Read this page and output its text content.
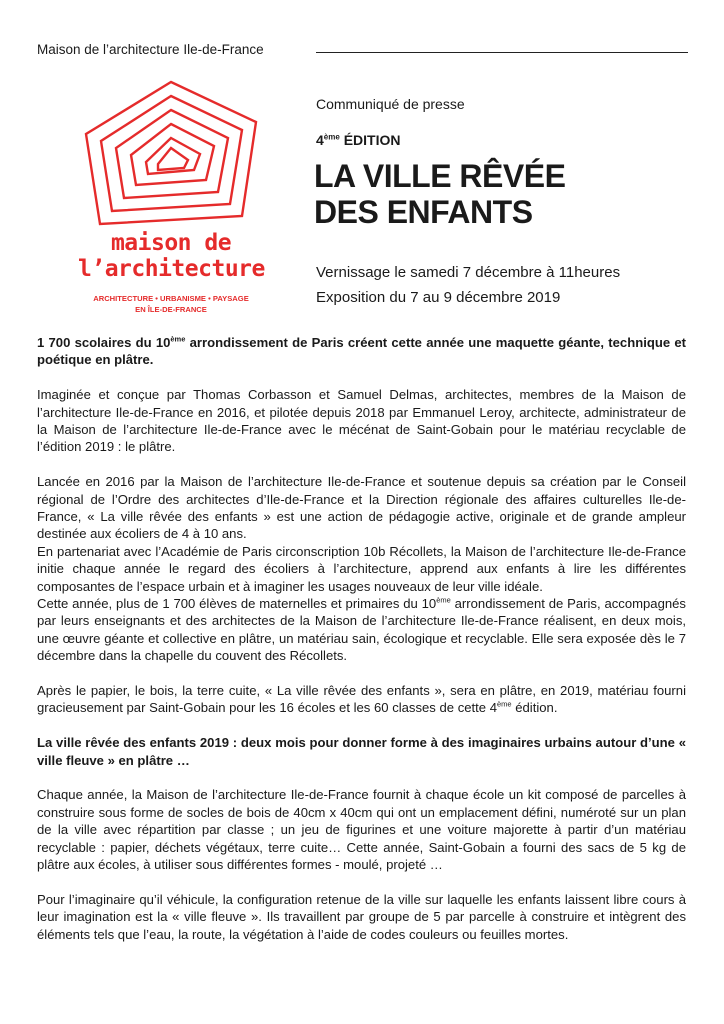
Maison de l’architecture Ile-de-France
maison de
l’architecture
ARCHITECTURE • URBANISME • PAYSAGE
EN ÎLE-DE-FRANCE
Communiqué de presse
4ème ÉDITION
LA VILLE RÊVÉE
DES ENFANTS
Vernissage le samedi 7 décembre à 11heures
Exposition du 7 au 9 décembre 2019

1 700 scolaires du 10ème arrondissement de Paris créent cette année une maquette géante, technique et poétique en plâtre.

Imaginée et conçue par Thomas Corbasson et Samuel Delmas, architectes, membres de la Maison de l’architecture Ile-de-France en 2016, et pilotée depuis 2018 par Emmanuel Leroy, architecte, administrateur de la Maison de l’architecture Ile-de-France avec le mécénat de Saint-Gobain pour le matériau recyclable de l’édition 2019 : le plâtre.

Lancée en 2016 par la Maison de l’architecture Ile-de-France et soutenue depuis sa création par le Conseil régional de l’Ordre des architectes d’Ile-de-France et la Direction régionale des affaires culturelles Ile-de-France, « La ville rêvée des enfants » est une action de pédagogie active, originale et de grande ampleur destinée aux écoliers de 4 à 10 ans.

En partenariat avec l’Académie de Paris circonscription 10b Récollets, la Maison de l’architecture Ile-de-France initie chaque année le regard des écoliers à l’architecture, apprend aux enfants à lire les différentes composantes de l’espace urbain et à imaginer les usages nouveaux de leur ville idéale.

Cette année, plus de 1 700 élèves de maternelles et primaires du 10ème arrondissement de Paris, accompagnés par leurs enseignants et des architectes de la Maison de l’architecture Ile-de-France réalisent, en deux mois, une œuvre géante et collective en plâtre, un matériau sain, écologique et recyclable. Elle sera exposée dès le 7 décembre dans la chapelle du couvent des Récollets.

Après le papier, le bois, la terre cuite, « La ville rêvée des enfants », sera en plâtre, en 2019, matériau fourni gracieusement par Saint-Gobain pour les 16 écoles et les 60 classes de cette 4ème édition.

La ville rêvée des enfants 2019 : deux mois pour donner forme à des imaginaires urbains autour d’une « ville fleuve » en plâtre …

Chaque année, la Maison de l’architecture Ile-de-France fournit à chaque école un kit composé de parcelles à construire sous forme de socles de bois de 40cm x 40cm qui ont un emplacement défini, numéroté sur un plan de la ville avec répartition par classe ; un jeu de figurines et une voiture majorette à partir d’un matériau recyclable : papier, déchets végétaux, terre cuite… Cette année, Saint-Gobain a fourni des sacs de 5 kg de plâtre aux écoles, à utiliser sous différentes formes - moulé, projeté …

Pour l’imaginaire qu’il véhicule, la configuration retenue de la ville sur laquelle les enfants laissent libre cours à leur imagination est la « ville fleuve ». Ils travaillent par groupe de 5 par parcelle à construire et intègrent des éléments tels que l’eau, la route, la végétation à l’aide de codes couleurs ou feuilles mortes.
